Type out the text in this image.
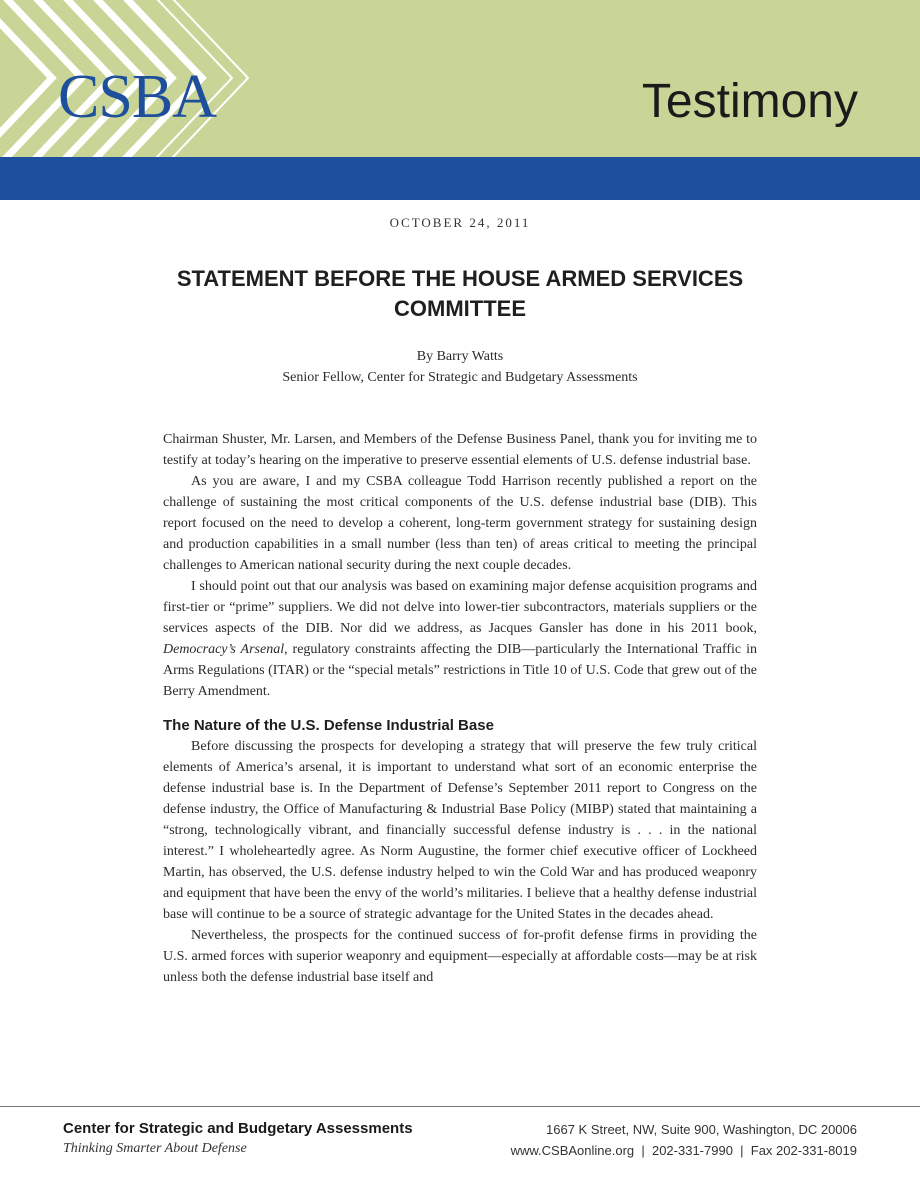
CSBA	Testimony
OCTOBER 24, 2011
STATEMENT BEFORE THE HOUSE ARMED SERVICES
COMMITTEE
By Barry Watts
Senior Fellow, Center for Strategic and Budgetary Assessments

Chairman Shuster, Mr. Larsen, and Members of the Defense Business Panel, thank you for inviting me to testify at today’s hearing on the imperative to preserve essential elements of U.S. defense industrial base.

As you are aware, I and my CSBA colleague Todd Harrison recently published a report on the challenge of sustaining the most critical components of the U.S. defense industrial base (DIB). This report focused on the need to develop a coherent, long-term government strategy for sustaining design and production capabilities in a small number (less than ten) of areas critical to meeting the principal challenges to American national security during the next couple decades.

I should point out that our analysis was based on examining major defense acquisition programs and first-tier or “prime” suppliers. We did not delve into lower-tier subcontractors, materials suppliers or the services aspects of the DIB. Nor did we address, as Jacques Gansler has done in his 2011 book, Democracy’s Arsenal, regulatory constraints affecting the DIB—particularly the International Traffic in Arms Regulations (ITAR) or the “special metals” restrictions in Title 10 of U.S. Code that grew out of the Berry Amendment.

The Nature of the U.S. Defense Industrial Base

Before discussing the prospects for developing a strategy that will preserve the few truly critical elements of America’s arsenal, it is important to understand what sort of an economic enterprise the defense industrial base is. In the Department of Defense’s September 2011 report to Congress on the defense industry, the Office of Manufacturing & Industrial Base Policy (MIBP) stated that maintaining a “strong, technologically vibrant, and financially successful defense industry is . . . in the national interest.” I wholeheartedly agree. As Norm Augustine, the former chief executive officer of Lockheed Martin, has observed, the U.S. defense industry helped to win the Cold War and has produced weaponry and equipment that have been the envy of the world’s militaries. I believe that a healthy defense industrial base will continue to be a source of strategic advantage for the United States in the decades ahead.

Nevertheless, the prospects for the continued success of for-profit defense firms in providing the U.S. armed forces with superior weaponry and equipment—especially at affordable costs—may be at risk unless both the defense industrial base itself and

Center for Strategic and Budgetary Assessments
Thinking Smarter About Defense
1667 K Street, NW, Suite 900, Washington, DC 20006
www.CSBAonline.org  |  202-331-7990  |  Fax 202-331-8019
